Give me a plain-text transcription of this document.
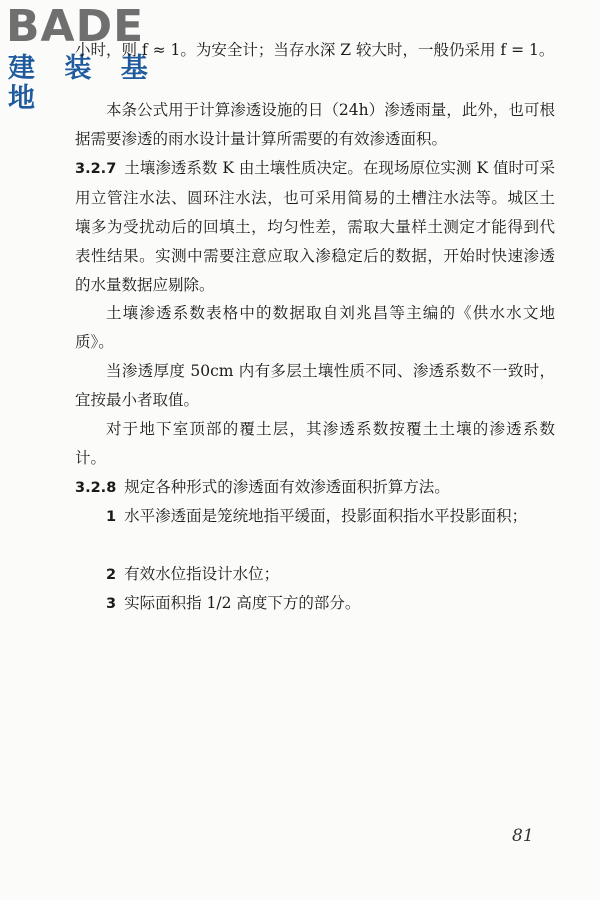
BADE
建 装 基 地

小时，则 f ≈ 1。为安全计；当存水深 Z 较大时，一般仍采用 f = 1。

本条公式用于计算渗透设施的日（24h）渗透雨量，此外，也可根据需要渗透的雨水设计量计算所需要的有效渗透面积。

3.2.7 土壤渗透系数 K 由土壤性质决定。在现场原位实测 K 值时可采用立管注水法、圆环注水法，也可采用简易的土槽注水法等。城区土壤多为受扰动后的回填土，均匀性差，需取大量样土测定才能得到代表性结果。实测中需要注意应取入渗稳定后的数据，开始时快速渗透的水量数据应剔除。

土壤渗透系数表格中的数据取自刘兆昌等主编的《供水水文地质》。

当渗透厚度 50cm 内有多层土壤性质不同、渗透系数不一致时，宜按最小者取值。

对于地下室顶部的覆土层，其渗透系数按覆土土壤的渗透系数计。

3.2.8 规定各种形式的渗透面有效渗透面积折算方法。

1 水平渗透面是笼统地指平缓面，投影面积指水平投影面积；

2 有效水位指设计水位；

3 实际面积指 1/2 高度下方的部分。

81
